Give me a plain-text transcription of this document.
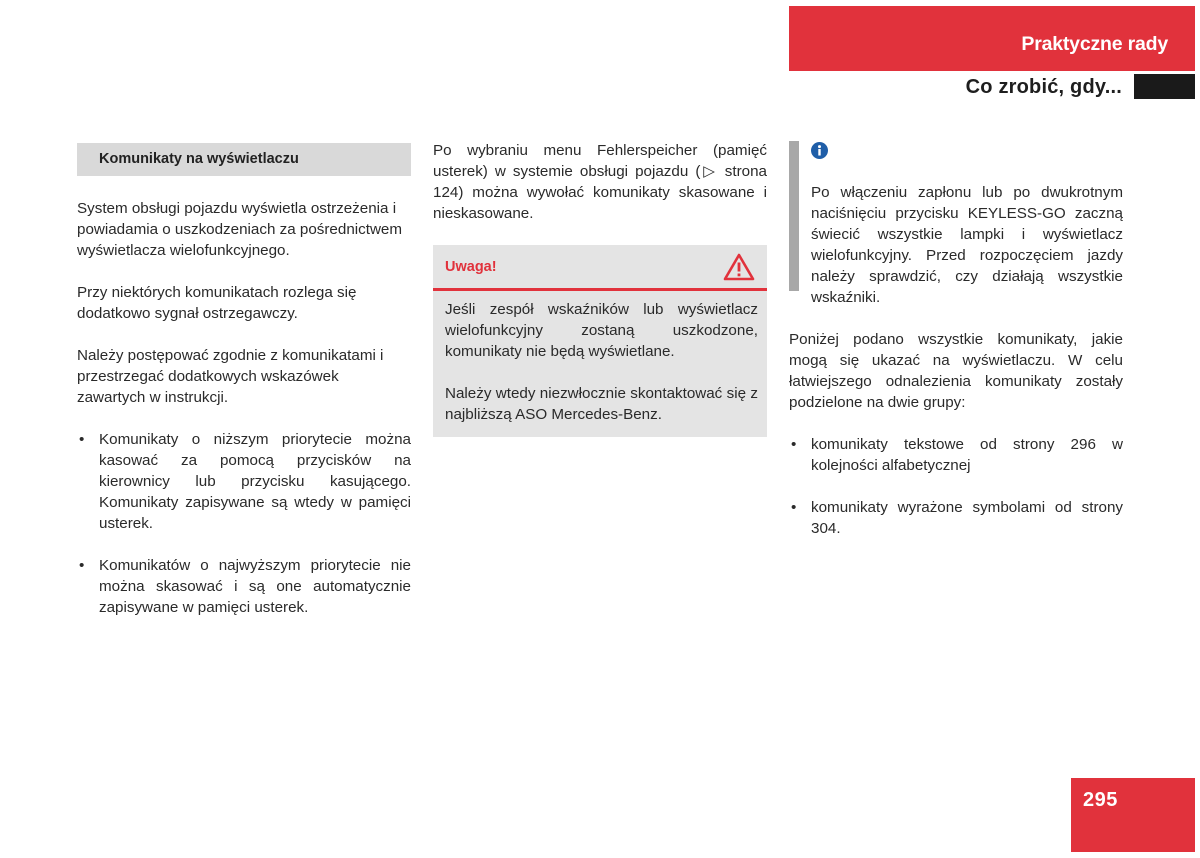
Praktyczne rady
Co zrobić, gdy...
Komunikaty na wyświetlaczu

System obsługi pojazdu wyświetla ostrzeżenia i powiadamia o uszkodzeniach za pośrednictwem wyświetlacza wielofunkcyjnego.

Przy niektórych komunikatach rozlega się dodatkowo sygnał ostrzegawczy.

Należy postępować zgodnie z komunikatami i przestrzegać dodatkowych wskazówek zawartych w instrukcji.

• Komunikaty o niższym priorytecie można kasować za pomocą przycisków na kierownicy lub przycisku kasującego. Komunikaty zapisywane są wtedy w pamięci usterek.
• Komunikatów o najwyższym priorytecie nie można skasować i są one automatycznie zapisywane w pamięci usterek.

Po wybraniu menu Fehlerspeicher (pamięć usterek) w systemie obsługi pojazdu (▷ strona 124) można wywołać komunikaty skasowane i nieskasowane.

Uwaga!

Jeśli zespół wskaźników lub wyświetlacz wielofunkcyjny zostaną uszkodzone, komunikaty nie będą wyświetlane.

Należy wtedy niezwłocznie skontaktować się z najbliższą ASO Mercedes-Benz.

Po włączeniu zapłonu lub po dwukrotnym naciśnięciu przycisku KEYLESS-GO zaczną świecić wszystkie lampki i wyświetlacz wielofunkcyjny. Przed rozpoczęciem jazdy należy sprawdzić, czy działają wszystkie wskaźniki.

Poniżej podano wszystkie komunikaty, jakie mogą się ukazać na wyświetlaczu. W celu łatwiejszego odnalezienia komunikaty zostały podzielone na dwie grupy:

• komunikaty tekstowe od strony 296 w kolejności alfabetycznej
• komunikaty wyrażone symbolami od strony 304.
295
